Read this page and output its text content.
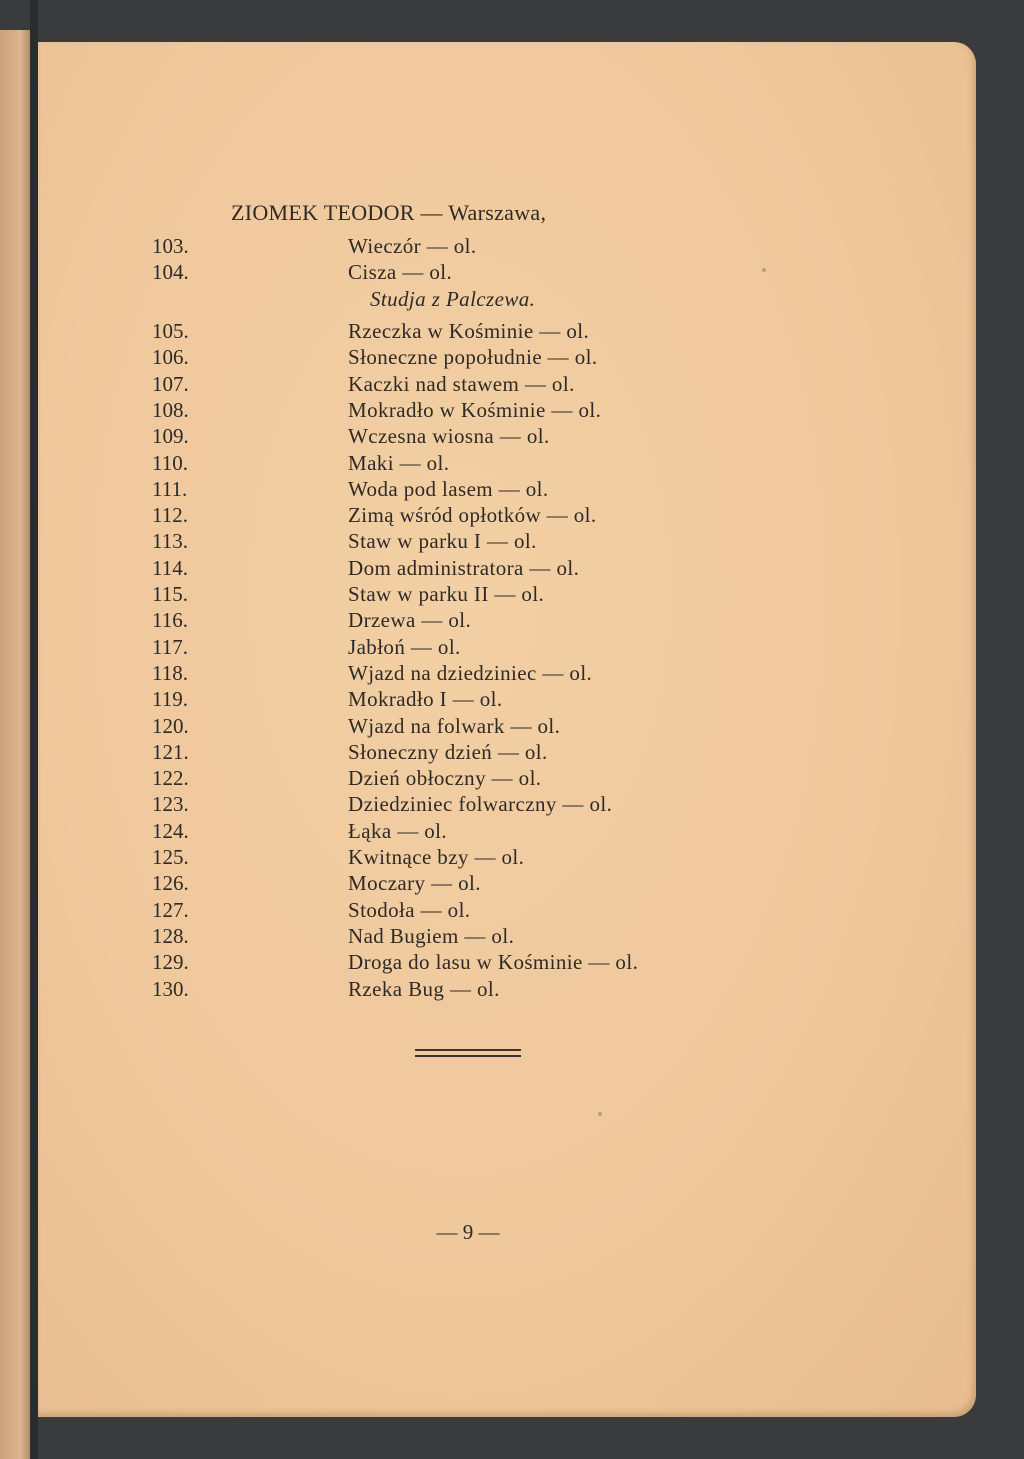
ZIOMEK TEODOR — Warszawa,
103.	Wieczór — ol.
104.	Cisza — ol.
Studja z Palczewa.
105.	Rzeczka w Kośminie — ol.
106.	Słoneczne popołudnie — ol.
107.	Kaczki nad stawem — ol.
108.	Mokradło w Kośminie — ol.
109.	Wczesna wiosna — ol.
110.	Maki — ol.
111.	Woda pod lasem — ol.
112.	Zimą wśród opłotków — ol.
113.	Staw w parku I — ol.
114.	Dom administratora — ol.
115.	Staw w parku II — ol.
116.	Drzewa — ol.
117.	Jabłoń — ol.
118.	Wjazd na dziedziniec — ol.
119.	Mokradło I — ol.
120.	Wjazd na folwark — ol.
121.	Słoneczny dzień — ol.
122.	Dzień obłoczny — ol.
123.	Dziedziniec folwarczny — ol.
124.	Łąka — ol.
125.	Kwitnące bzy — ol.
126.	Moczary — ol.
127.	Stodoła — ol.
128.	Nad Bugiem — ol.
129.	Droga do lasu w Kośminie — ol.
130.	Rzeka Bug — ol.
— 9 —
